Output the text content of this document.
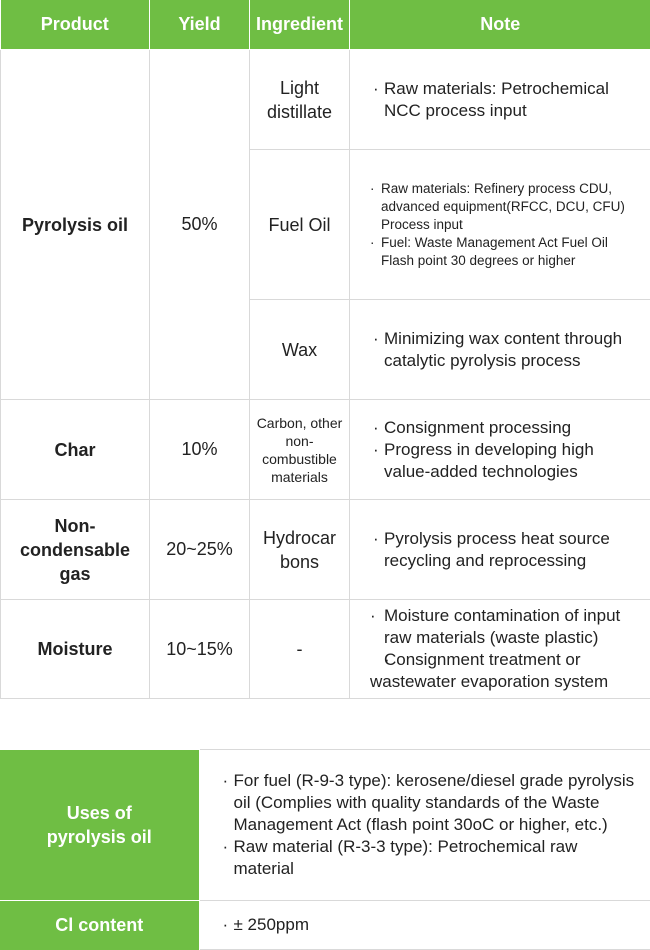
Product	Yield	Ingredient	Note
Pyrolysis oil	50%	Light distillate	· Raw materials: Petrochemical NCC process input

		Fuel Oil	· Raw materials: Refinery process CDU, advanced equipment(RFCC, DCU, CFU) Process input
· Fuel: Waste Management Act Fuel Oil Flash point 30 degrees or higher

		Wax	· Minimizing wax content through catalytic pyrolysis process

Char	10%	Carbon, other non-combustible materials	· Consignment processing
· Progress in developing high value-added technologies

Non-condensable gas	20~25%	Hydrocarbons	· Pyrolysis process heat source recycling and reprocessing

Moisture	10~15%	-	· Moisture contamination of input raw materials (waste plastic)
· Consignment treatment or wastewater evaporation system
Uses of pyrolysis oil	· For fuel (R-9-3 type): kerosene/diesel grade pyrolysis oil (Complies with quality standards of the Waste Management Act (flash point 30oC or higher, etc.)
· Raw material (R-3-3 type): Petrochemical raw material

Cl content	· ± 250ppm
